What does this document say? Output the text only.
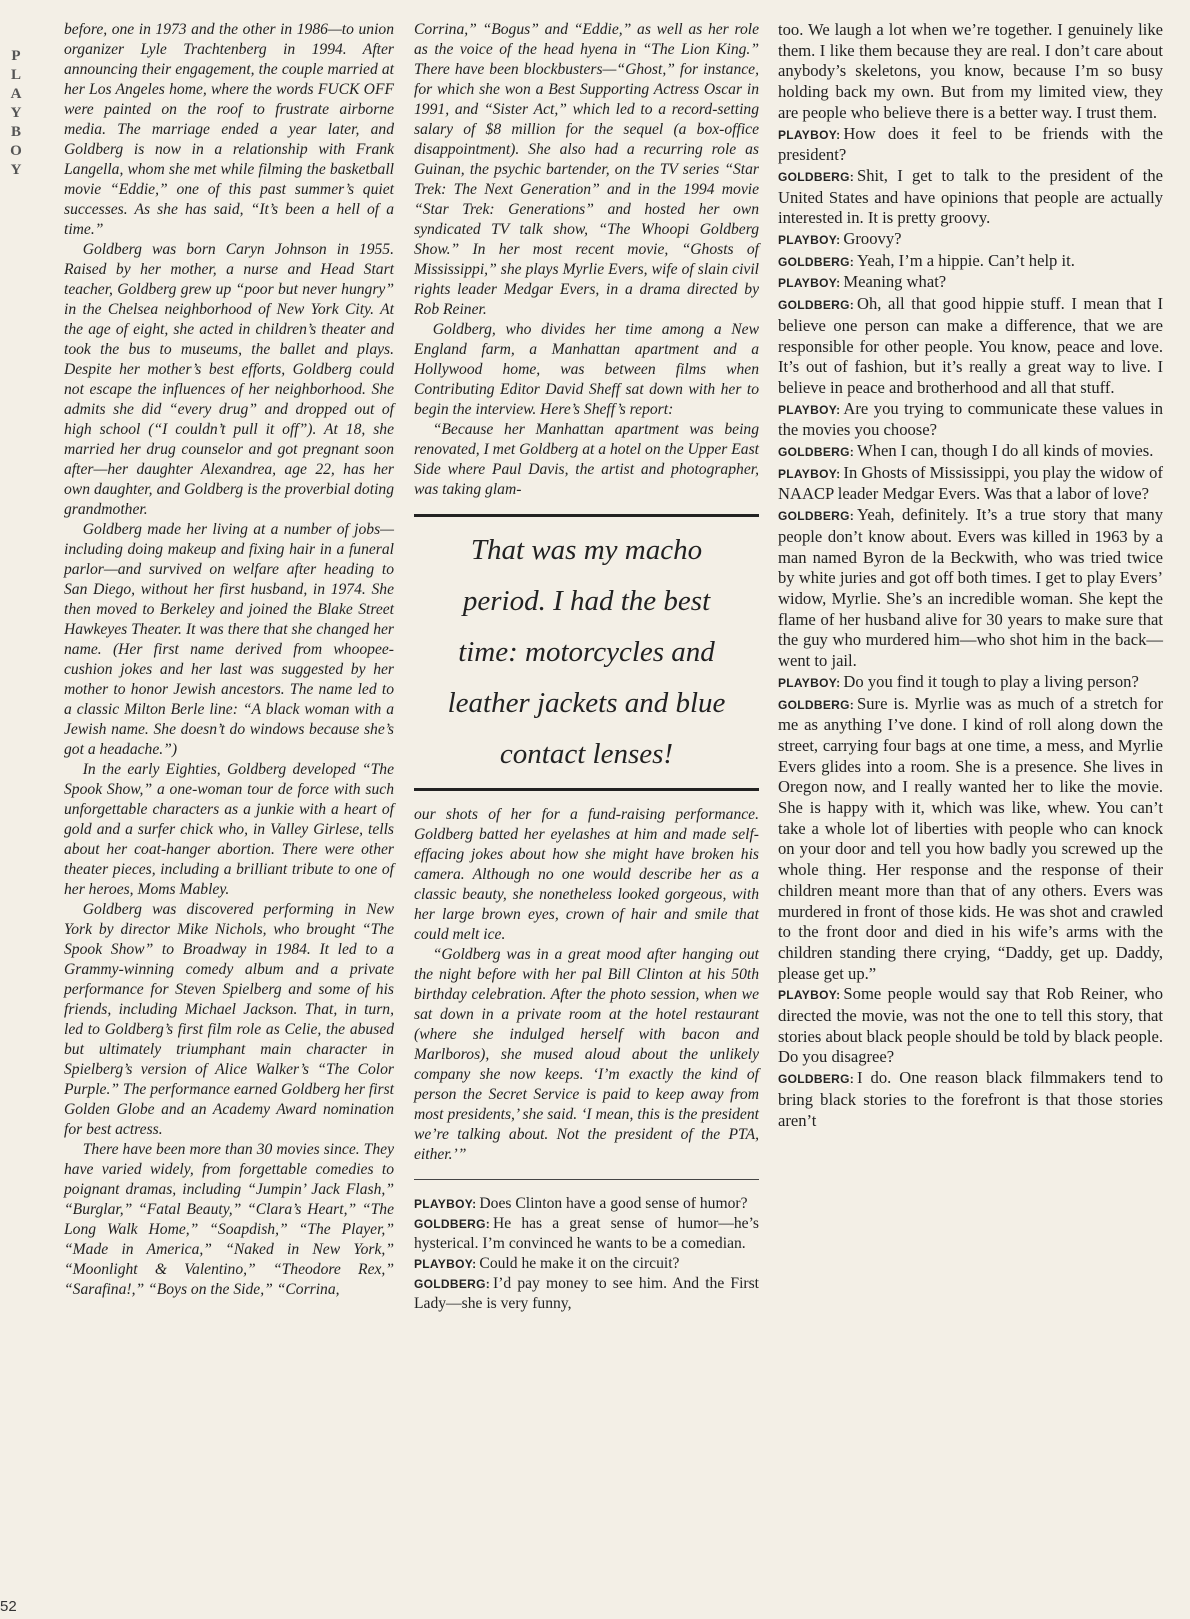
PLAYBOY
52

before, one in 1973 and the other in 1986—to union organizer Lyle Trachtenberg in 1994. After announcing their engagement, the couple married at her Los Angeles home, where the words FUCK OFF were painted on the roof to frustrate airborne media. The marriage ended a year later, and Goldberg is now in a relationship with Frank Langella, whom she met while filming the basketball movie “Eddie,” one of this past summer’s quiet successes. As she has said, “It’s been a hell of a time.”

Goldberg was born Caryn Johnson in 1955. Raised by her mother, a nurse and Head Start teacher, Goldberg grew up “poor but never hungry” in the Chelsea neighborhood of New York City. At the age of eight, she acted in children’s theater and took the bus to museums, the ballet and plays. Despite her mother’s best efforts, Goldberg could not escape the influences of her neighborhood. She admits she did “every drug” and dropped out of high school (“I couldn’t pull it off”). At 18, she married her drug counselor and got pregnant soon after—her daughter Alexandrea, age 22, has her own daughter, and Goldberg is the proverbial doting grandmother.

Goldberg made her living at a number of jobs—including doing makeup and fixing hair in a funeral parlor—and survived on welfare after heading to San Diego, without her first husband, in 1974. She then moved to Berkeley and joined the Blake Street Hawkeyes Theater. It was there that she changed her name. (Her first name derived from whoopee-cushion jokes and her last was suggested by her mother to honor Jewish ancestors. The name led to a classic Milton Berle line: “A black woman with a Jewish name. She doesn’t do windows because she’s got a headache.”)

In the early Eighties, Goldberg developed “The Spook Show,” a one-woman tour de force with such unforgettable characters as a junkie with a heart of gold and a surfer chick who, in Valley Girlese, tells about her coat-hanger abortion. There were other theater pieces, including a brilliant tribute to one of her heroes, Moms Mabley.

Goldberg was discovered performing in New York by director Mike Nichols, who brought “The Spook Show” to Broadway in 1984. It led to a Grammy-winning comedy album and a private performance for Steven Spielberg and some of his friends, including Michael Jackson. That, in turn, led to Goldberg’s first film role as Celie, the abused but ultimately triumphant main character in Spielberg’s version of Alice Walker’s “The Color Purple.” The performance earned Goldberg her first Golden Globe and an Academy Award nomination for best actress.

There have been more than 30 movies since. They have varied widely, from forgettable comedies to poignant dramas, including “Jumpin’ Jack Flash,” “Burglar,” “Fatal Beauty,” “Clara’s Heart,” “The Long Walk Home,” “Soapdish,” “The Player,” “Made in America,” “Naked in New York,” “Moonlight & Valentino,” “Theodore Rex,” “Sarafina!,” “Boys on the Side,” “Corrina,

Corrina,” “Bogus” and “Eddie,” as well as her role as the voice of the head hyena in “The Lion King.” There have been blockbusters—“Ghost,” for instance, for which she won a Best Supporting Actress Oscar in 1991, and “Sister Act,” which led to a record-setting salary of $8 million for the sequel (a box-office disappointment). She also had a recurring role as Guinan, the psychic bartender, on the TV series “Star Trek: The Next Generation” and in the 1994 movie “Star Trek: Generations” and hosted her own syndicated TV talk show, “The Whoopi Goldberg Show.” In her most recent movie, “Ghosts of Mississippi,” she plays Myrlie Evers, wife of slain civil rights leader Medgar Evers, in a drama directed by Rob Reiner.

Goldberg, who divides her time among a New England farm, a Manhattan apartment and a Hollywood home, was between films when Contributing Editor David Sheff sat down with her to begin the interview. Here’s Sheff’s report:

“Because her Manhattan apartment was being renovated, I met Goldberg at a hotel on the Upper East Side where Paul Davis, the artist and photographer, was taking glam-

That was my macho
period. I had the best
time: motorcycles and
leather jackets and blue
contact lenses!

our shots of her for a fund-raising performance. Goldberg batted her eyelashes at him and made self-effacing jokes about how she might have broken his camera. Although no one would describe her as a classic beauty, she nonetheless looked gorgeous, with her large brown eyes, crown of hair and smile that could melt ice.

“Goldberg was in a great mood after hanging out the night before with her pal Bill Clinton at his 50th birthday celebration. After the photo session, when we sat down in a private room at the hotel restaurant (where she indulged herself with bacon and Marlboros), she mused aloud about the unlikely company she now keeps. ‘I’m exactly the kind of person the Secret Service is paid to keep away from most presidents,’ she said. ‘I mean, this is the president we’re talking about. Not the president of the PTA, either.’”

PLAYBOY: Does Clinton have a good sense of humor?

GOLDBERG: He has a great sense of humor—he’s hysterical. I’m convinced he wants to be a comedian.

PLAYBOY: Could he make it on the circuit?

GOLDBERG: I’d pay money to see him. And the First Lady—she is very funny,

too. We laugh a lot when we’re together. I genuinely like them. I like them because they are real. I don’t care about anybody’s skeletons, you know, because I’m so busy holding back my own. But from my limited view, they are people who believe there is a better way. I trust them.

PLAYBOY: How does it feel to be friends with the president?

GOLDBERG: Shit, I get to talk to the president of the United States and have opinions that people are actually interested in. It is pretty groovy.

PLAYBOY: Groovy?

GOLDBERG: Yeah, I’m a hippie. Can’t help it.

PLAYBOY: Meaning what?

GOLDBERG: Oh, all that good hippie stuff. I mean that I believe one person can make a difference, that we are responsible for other people. You know, peace and love. It’s out of fashion, but it’s really a great way to live. I believe in peace and brotherhood and all that stuff.

PLAYBOY: Are you trying to communicate these values in the movies you choose?

GOLDBERG: When I can, though I do all kinds of movies.

PLAYBOY: In Ghosts of Mississippi, you play the widow of NAACP leader Medgar Evers. Was that a labor of love?

GOLDBERG: Yeah, definitely. It’s a true story that many people don’t know about. Evers was killed in 1963 by a man named Byron de la Beckwith, who was tried twice by white juries and got off both times. I get to play Evers’ widow, Myrlie. She’s an incredible woman. She kept the flame of her husband alive for 30 years to make sure that the guy who murdered him—who shot him in the back—went to jail.

PLAYBOY: Do you find it tough to play a living person?

GOLDBERG: Sure is. Myrlie was as much of a stretch for me as anything I’ve done. I kind of roll along down the street, carrying four bags at one time, a mess, and Myrlie Evers glides into a room. She is a presence. She lives in Oregon now, and I really wanted her to like the movie. She is happy with it, which was like, whew. You can’t take a whole lot of liberties with people who can knock on your door and tell you how badly you screwed up the whole thing. Her response and the response of their children meant more than that of any others. Evers was murdered in front of those kids. He was shot and crawled to the front door and died in his wife’s arms with the children standing there crying, “Daddy, get up. Daddy, please get up.”

PLAYBOY: Some people would say that Rob Reiner, who directed the movie, was not the one to tell this story, that stories about black people should be told by black people. Do you disagree?

GOLDBERG: I do. One reason black filmmakers tend to bring black stories to the forefront is that those stories aren’t
